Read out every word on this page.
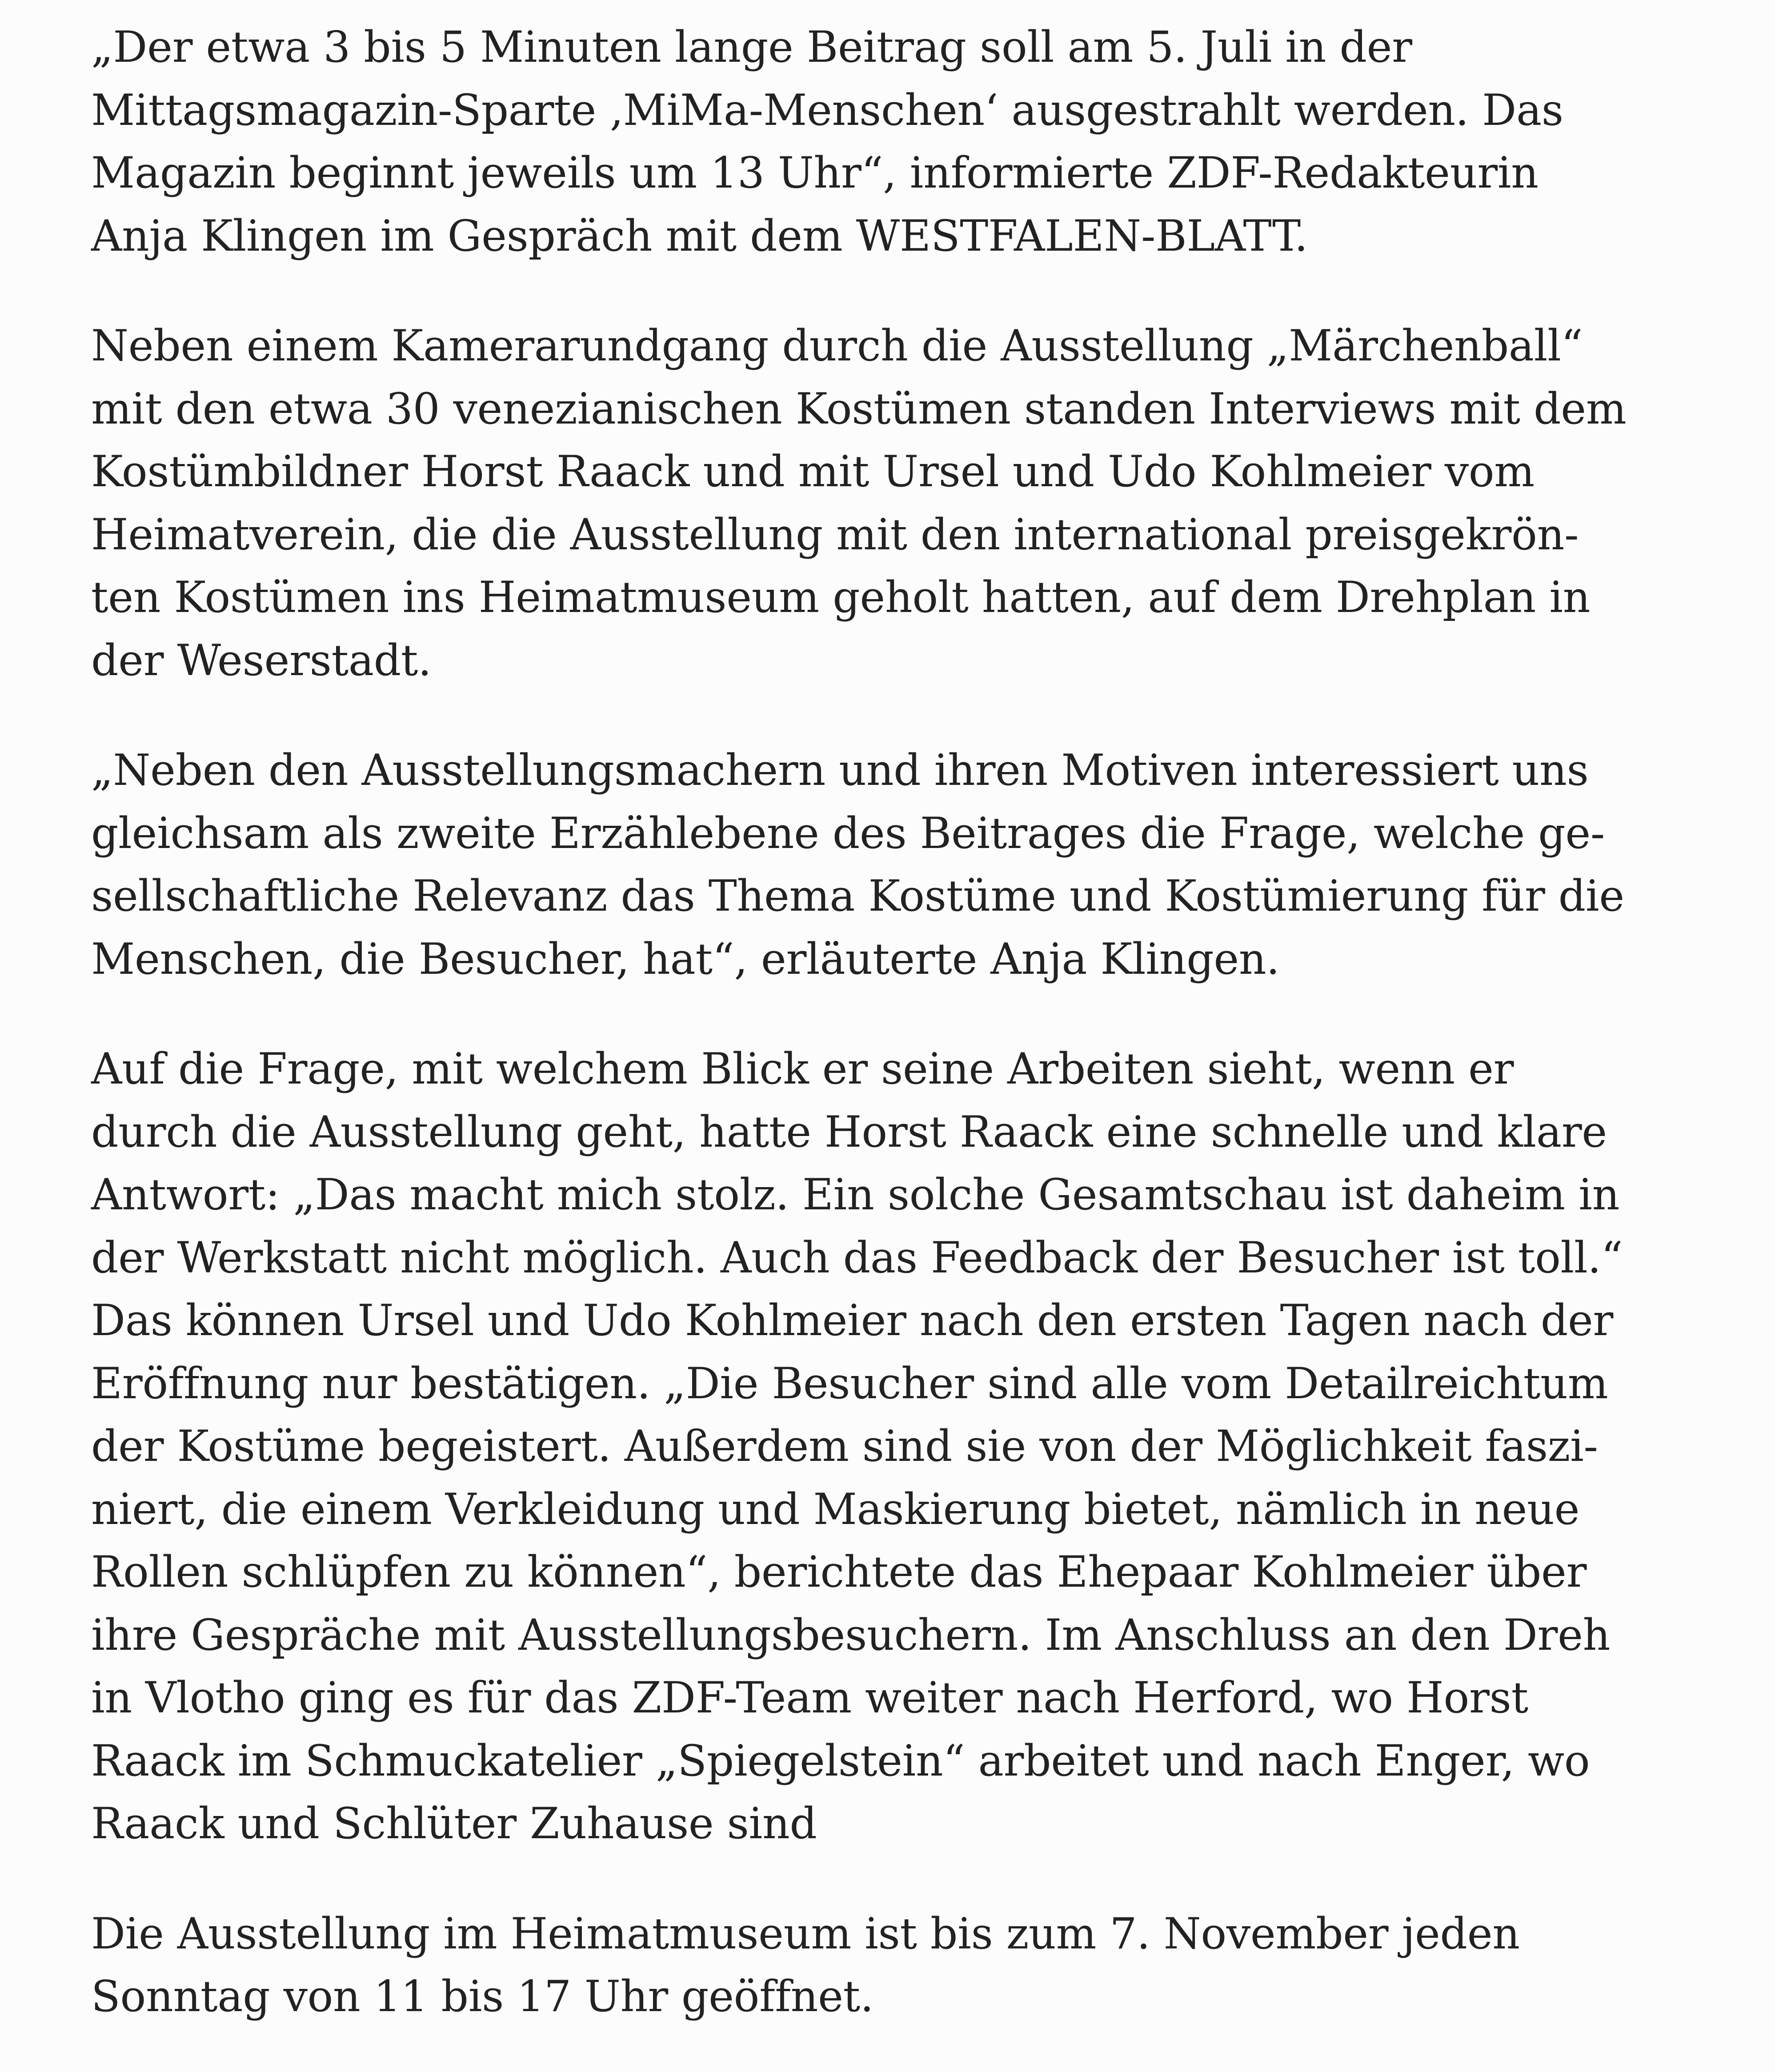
„Der etwa 3 bis 5 Minuten lange Beitrag soll am 5. Juli in der
Mittagsmagazin-Sparte ‚MiMa-Menschen‘ ausgestrahlt werden. Das
Magazin beginnt jeweils um 13 Uhr“, informierte ZDF-Redakteurin
Anja Klingen im Gespräch mit dem WESTFALEN-BLATT.
Neben einem Kamerarundgang durch die Ausstellung „Märchenball“
mit den etwa 30 venezianischen Kostümen standen Interviews mit dem
Kostümbildner Horst Raack und mit Ursel und Udo Kohlmeier vom
Heimatverein, die die Ausstellung mit den international preisgekrön-
ten Kostümen ins Heimatmuseum geholt hatten, auf dem Drehplan in
der Weserstadt.
„Neben den Ausstellungsmachern und ihren Motiven interessiert uns
gleichsam als zweite Erzählebene des Beitrages die Frage, welche ge-
sellschaftliche Relevanz das Thema Kostüme und Kostümierung für die
Menschen, die Besucher, hat“, erläuterte Anja Klingen.
Auf die Frage, mit welchem Blick er seine Arbeiten sieht, wenn er
durch die Ausstellung geht, hatte Horst Raack eine schnelle und klare
Antwort: „Das macht mich stolz. Ein solche Gesamtschau ist daheim in
der Werkstatt nicht möglich. Auch das Feedback der Besucher ist toll.“
Das können Ursel und Udo Kohlmeier nach den ersten Tagen nach der
Eröffnung nur bestätigen. „Die Besucher sind alle vom Detailreichtum
der Kostüme begeistert. Außerdem sind sie von der Möglichkeit faszi-
niert, die einem Verkleidung und Maskierung bietet, nämlich in neue
Rollen schlüpfen zu können“, berichtete das Ehepaar Kohlmeier über
ihre Gespräche mit Ausstellungsbesuchern. Im Anschluss an den Dreh
in Vlotho ging es für das ZDF-Team weiter nach Herford, wo Horst
Raack im Schmuckatelier „Spiegelstein“ arbeitet und nach Enger, wo
Raack und Schlüter Zuhause sind
Die Ausstellung im Heimatmuseum ist bis zum 7. November jeden
Sonntag von 11 bis 17 Uhr geöffnet.
